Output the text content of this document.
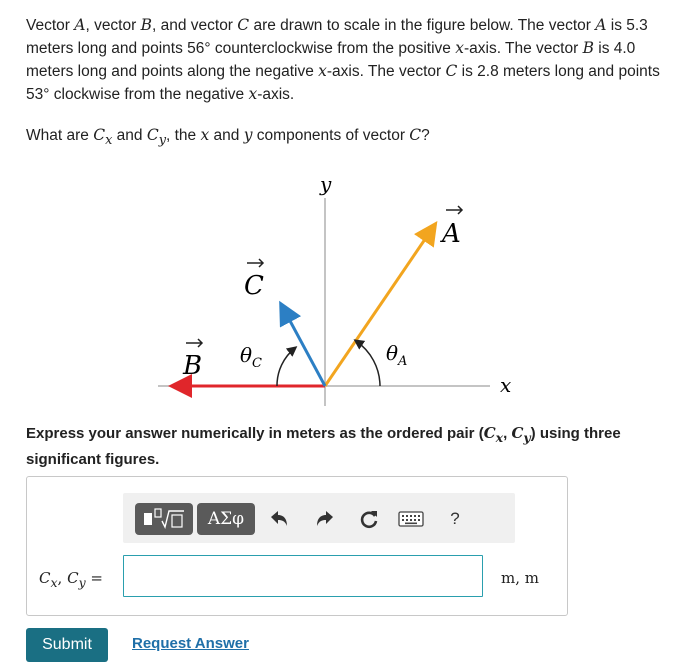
Vector A, vector B, and vector C are drawn to scale in the figure below. The vector A is 5.3 meters long and points 56° counterclockwise from the positive x-axis. The vector B is 4.0 meters long and points along the negative x-axis. The vector C is 2.8 meters long and points 53° clockwise from the negative x-axis.
What are $C_x$ and $C_y$, the x and y components of vector C?
y
x
A
B
C
$\theta_C$	$\theta_A$
Express your answer numerically in meters as the ordered pair ($C_x$, $C_y$) using three significant figures.
ΑΣφ	?
$C_x$, $C_y$ =	m, m
Submit	Request Answer
